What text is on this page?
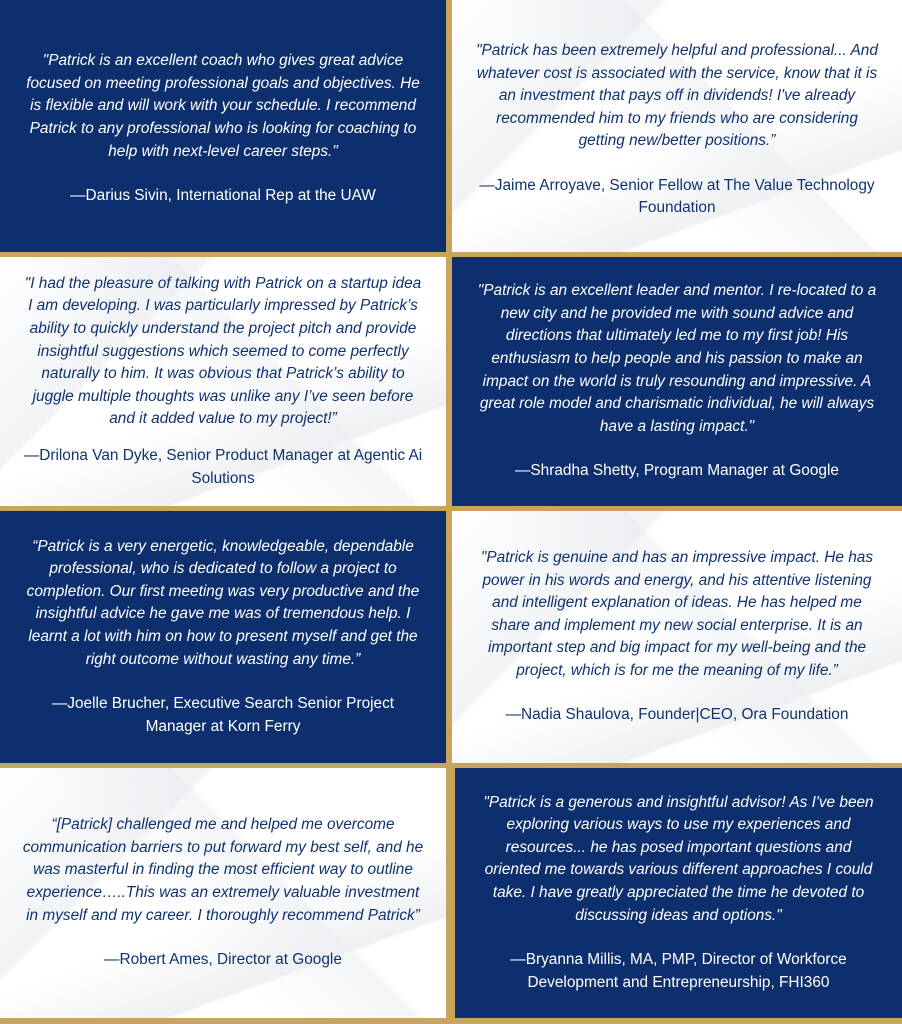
"Patrick is an excellent coach who gives great advice focused on meeting professional goals and objectives. He is flexible and will work with your schedule. I recommend Patrick to any professional who is looking for coaching to help with next-level career steps."

—Darius Sivin, International Rep at the UAW

"Patrick has been extremely helpful and professional... And whatever cost is associated with the service, know that it is an investment that pays off in dividends! I've already recommended him to my friends who are considering getting new/better positions.”

—Jaime Arroyave, Senior Fellow at The Value Technology Foundation

"I had the pleasure of talking with Patrick on a startup idea I am developing. I was particularly impressed by Patrick’s ability to quickly understand the project pitch and provide insightful suggestions which seemed to come perfectly naturally to him. It was obvious that Patrick’s ability to juggle multiple thoughts was unlike any I’ve seen before and it added value to my project!”

—Drilona Van Dyke, Senior Product Manager at Agentic Ai Solutions

"Patrick is an excellent leader and mentor. I re-located to a new city and he provided me with sound advice and directions that ultimately led me to my first job! His enthusiasm to help people and his passion to make an impact on the world is truly resounding and impressive. A great role model and charismatic individual, he will always have a lasting impact."

—Shradha Shetty, Program Manager at Google

“Patrick is a very energetic, knowledgeable, dependable professional, who is dedicated to follow a project to completion. Our first meeting was very productive and the insightful advice he gave me was of tremendous help. I learnt a lot with him on how to present myself and get the right outcome without wasting any time.”

—Joelle Brucher, Executive Search Senior Project Manager at Korn Ferry

"Patrick is genuine and has an impressive impact. He has power in his words and energy, and his attentive listening and intelligent explanation of ideas. He has helped me share and implement my new social enterprise. It is an important step and big impact for my well-being and the project, which is for me the meaning of my life.”

—Nadia Shaulova, Founder|CEO, Ora Foundation

“[Patrick] challenged me and helped me overcome communication barriers to put forward my best self, and he was masterful in finding the most efficient way to outline experience…..This was an extremely valuable investment in myself and my career. I thoroughly recommend Patrick”

—Robert Ames, Director at Google

"Patrick is a generous and insightful advisor! As I've been exploring various ways to use my experiences and resources... he has posed important questions and oriented me towards various different approaches I could take. I have greatly appreciated the time he devoted to discussing ideas and options."

—Bryanna Millis, MA, PMP, Director of Workforce Development and Entrepreneurship, FHI360
